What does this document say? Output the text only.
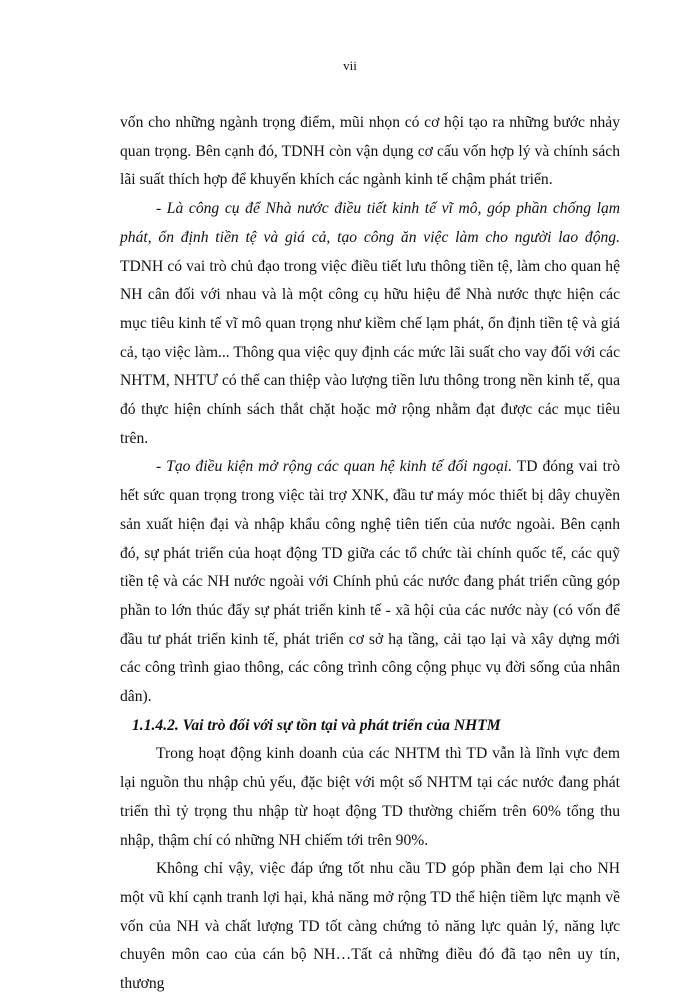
vii

vốn cho những ngành trọng điểm, mũi nhọn có cơ hội tạo ra những bước nhảy quan trọng. Bên cạnh đó, TDNH còn vận dụng cơ cấu vốn hợp lý và chính sách lãi suất thích hợp để khuyến khích các ngành kinh tế chậm phát triển.

- Là công cụ để Nhà nước điều tiết kinh tế vĩ mô, góp phần chống lạm phát, ổn định tiền tệ và giá cả, tạo công ăn việc làm cho người lao động. TDNH có vai trò chủ đạo trong việc điều tiết lưu thông tiền tệ, làm cho quan hệ NH cân đối với nhau và là một công cụ hữu hiệu để Nhà nước thực hiện các mục tiêu kinh tế vĩ mô quan trọng như kiềm chế lạm phát, ổn định tiền tệ và giá cả, tạo việc làm... Thông qua việc quy định các mức lãi suất cho vay đối với các NHTM, NHTƯ có thể can thiệp vào lượng tiền lưu thông trong nền kinh tế, qua đó thực hiện chính sách thắt chặt hoặc mở rộng nhằm đạt được các mục tiêu trên.

- Tạo điều kiện mở rộng các quan hệ kinh tế đối ngoại. TD đóng vai trò hết sức quan trọng trong việc tài trợ XNK, đầu tư máy móc thiết bị dây chuyền sản xuất hiện đại và nhập khẩu công nghệ tiên tiến của nước ngoài. Bên cạnh đó, sự phát triển của hoạt động TD giữa các tổ chức tài chính quốc tế, các quỹ tiền tệ và các NH nước ngoài với Chính phủ các nước đang phát triển cũng góp phần to lớn thúc đẩy sự phát triển kinh tế - xã hội của các nước này (có vốn để đầu tư phát triển kinh tế, phát triển cơ sở hạ tầng, cải tạo lại và xây dựng mới các công trình giao thông, các công trình công cộng phục vụ đời sống của nhân dân).

1.1.4.2. Vai trò đối với sự tồn tại và phát triển của NHTM

Trong hoạt động kinh doanh của các NHTM thì TD vẫn là lĩnh vực đem lại nguồn thu nhập chủ yếu, đặc biệt với một số NHTM tại các nước đang phát triển thì tỷ trọng thu nhập từ hoạt động TD thường chiếm trên 60% tổng thu nhập, thậm chí có những NH chiếm tới trên 90%.

Không chỉ vậy, việc đáp ứng tốt nhu cầu TD góp phần đem lại cho NH một vũ khí cạnh tranh lợi hại, khả năng mở rộng TD thể hiện tiềm lực mạnh về vốn của NH và chất lượng TD tốt càng chứng tỏ năng lực quản lý, năng lực chuyên môn cao của cán bộ NH…Tất cả những điều đó đã tạo nên uy tín, thương
